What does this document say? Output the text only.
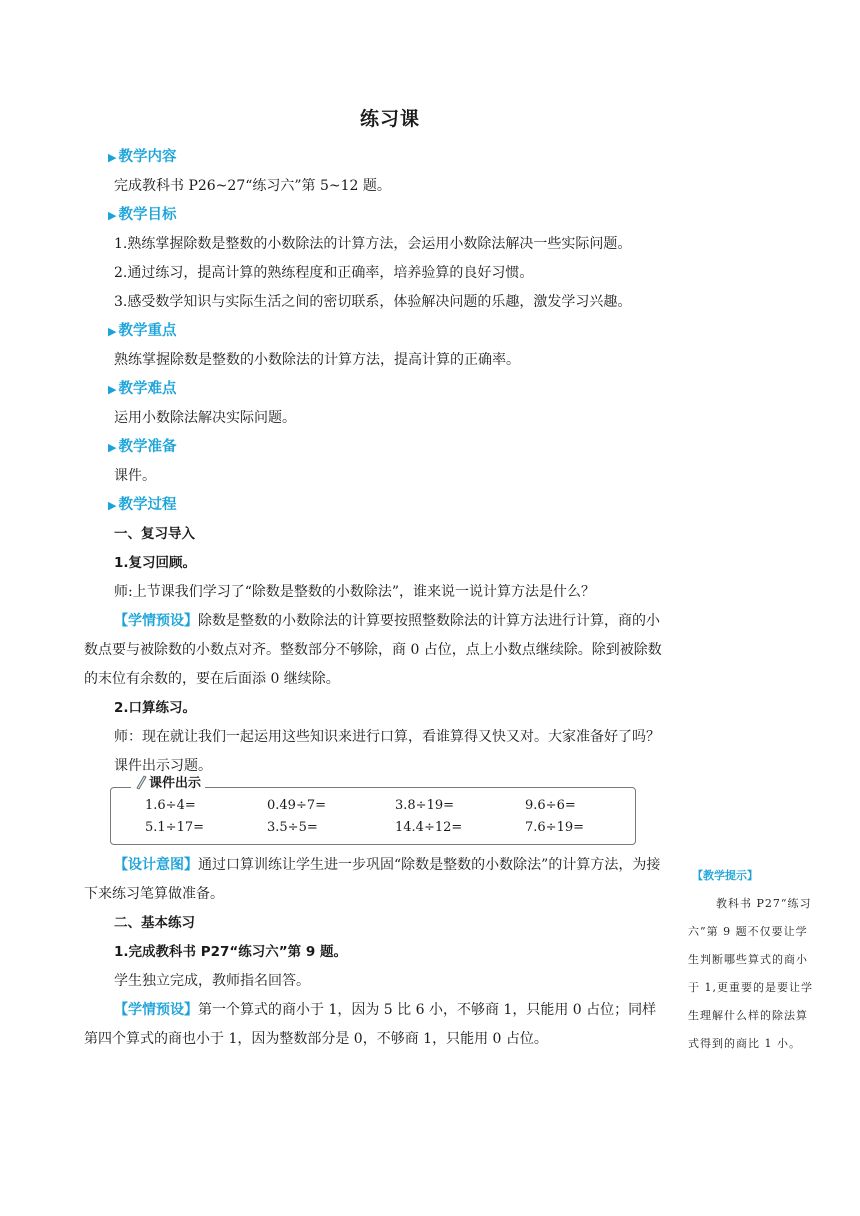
练习课
▶ 教学内容
完成教科书 P26~27“练习六”第 5~12 题。
▶ 教学目标
1.熟练掌握除数是整数的小数除法的计算方法，会运用小数除法解决一些实际问题。
2.通过练习，提高计算的熟练程度和正确率，培养验算的良好习惯。
3.感受数学知识与实际生活之间的密切联系，体验解决问题的乐趣，激发学习兴趣。
▶ 教学重点
熟练掌握除数是整数的小数除法的计算方法，提高计算的正确率。
▶ 教学难点
运用小数除法解决实际问题。
▶ 教学准备
课件。
▶ 教学过程
一、复习导入
1.复习回顾。
师:上节课我们学习了“除数是整数的小数除法”，谁来说一说计算方法是什么？
【学情预设】除数是整数的小数除法的计算要按照整数除法的计算方法进行计算，商的小数点要与被除数的小数点对齐。整数部分不够除，商 0 占位，点上小数点继续除。除到被除数的末位有余数的，要在后面添 0 继续除。
2.口算练习。
师：现在就让我们一起运用这些知识来进行口算，看谁算得又快又对。大家准备好了吗？
课件出示习题。
课件出示
1.6÷4=	0.49÷7=	3.8÷19=	9.6÷6=
5.1÷17=	3.5÷5=	14.4÷12=	7.6÷19=
【设计意图】通过口算训练让学生进一步巩固“除数是整数的小数除法”的计算方法，为接下来练习笔算做准备。
二、基本练习
1.完成教科书 P27“练习六”第 9 题。
学生独立完成，教师指名回答。
【学情预设】第一个算式的商小于 1，因为 5 比 6 小，不够商 1，只能用 0 占位；同样第四个算式的商也小于 1，因为整数部分是 0，不够商 1，只能用 0 占位。
【教学提示】
教科书 P27“练习六”第 9 题不仅要让学生判断哪些算式的商小于 1,更重要的是要让学生理解什么样的除法算式得到的商比 1 小。
